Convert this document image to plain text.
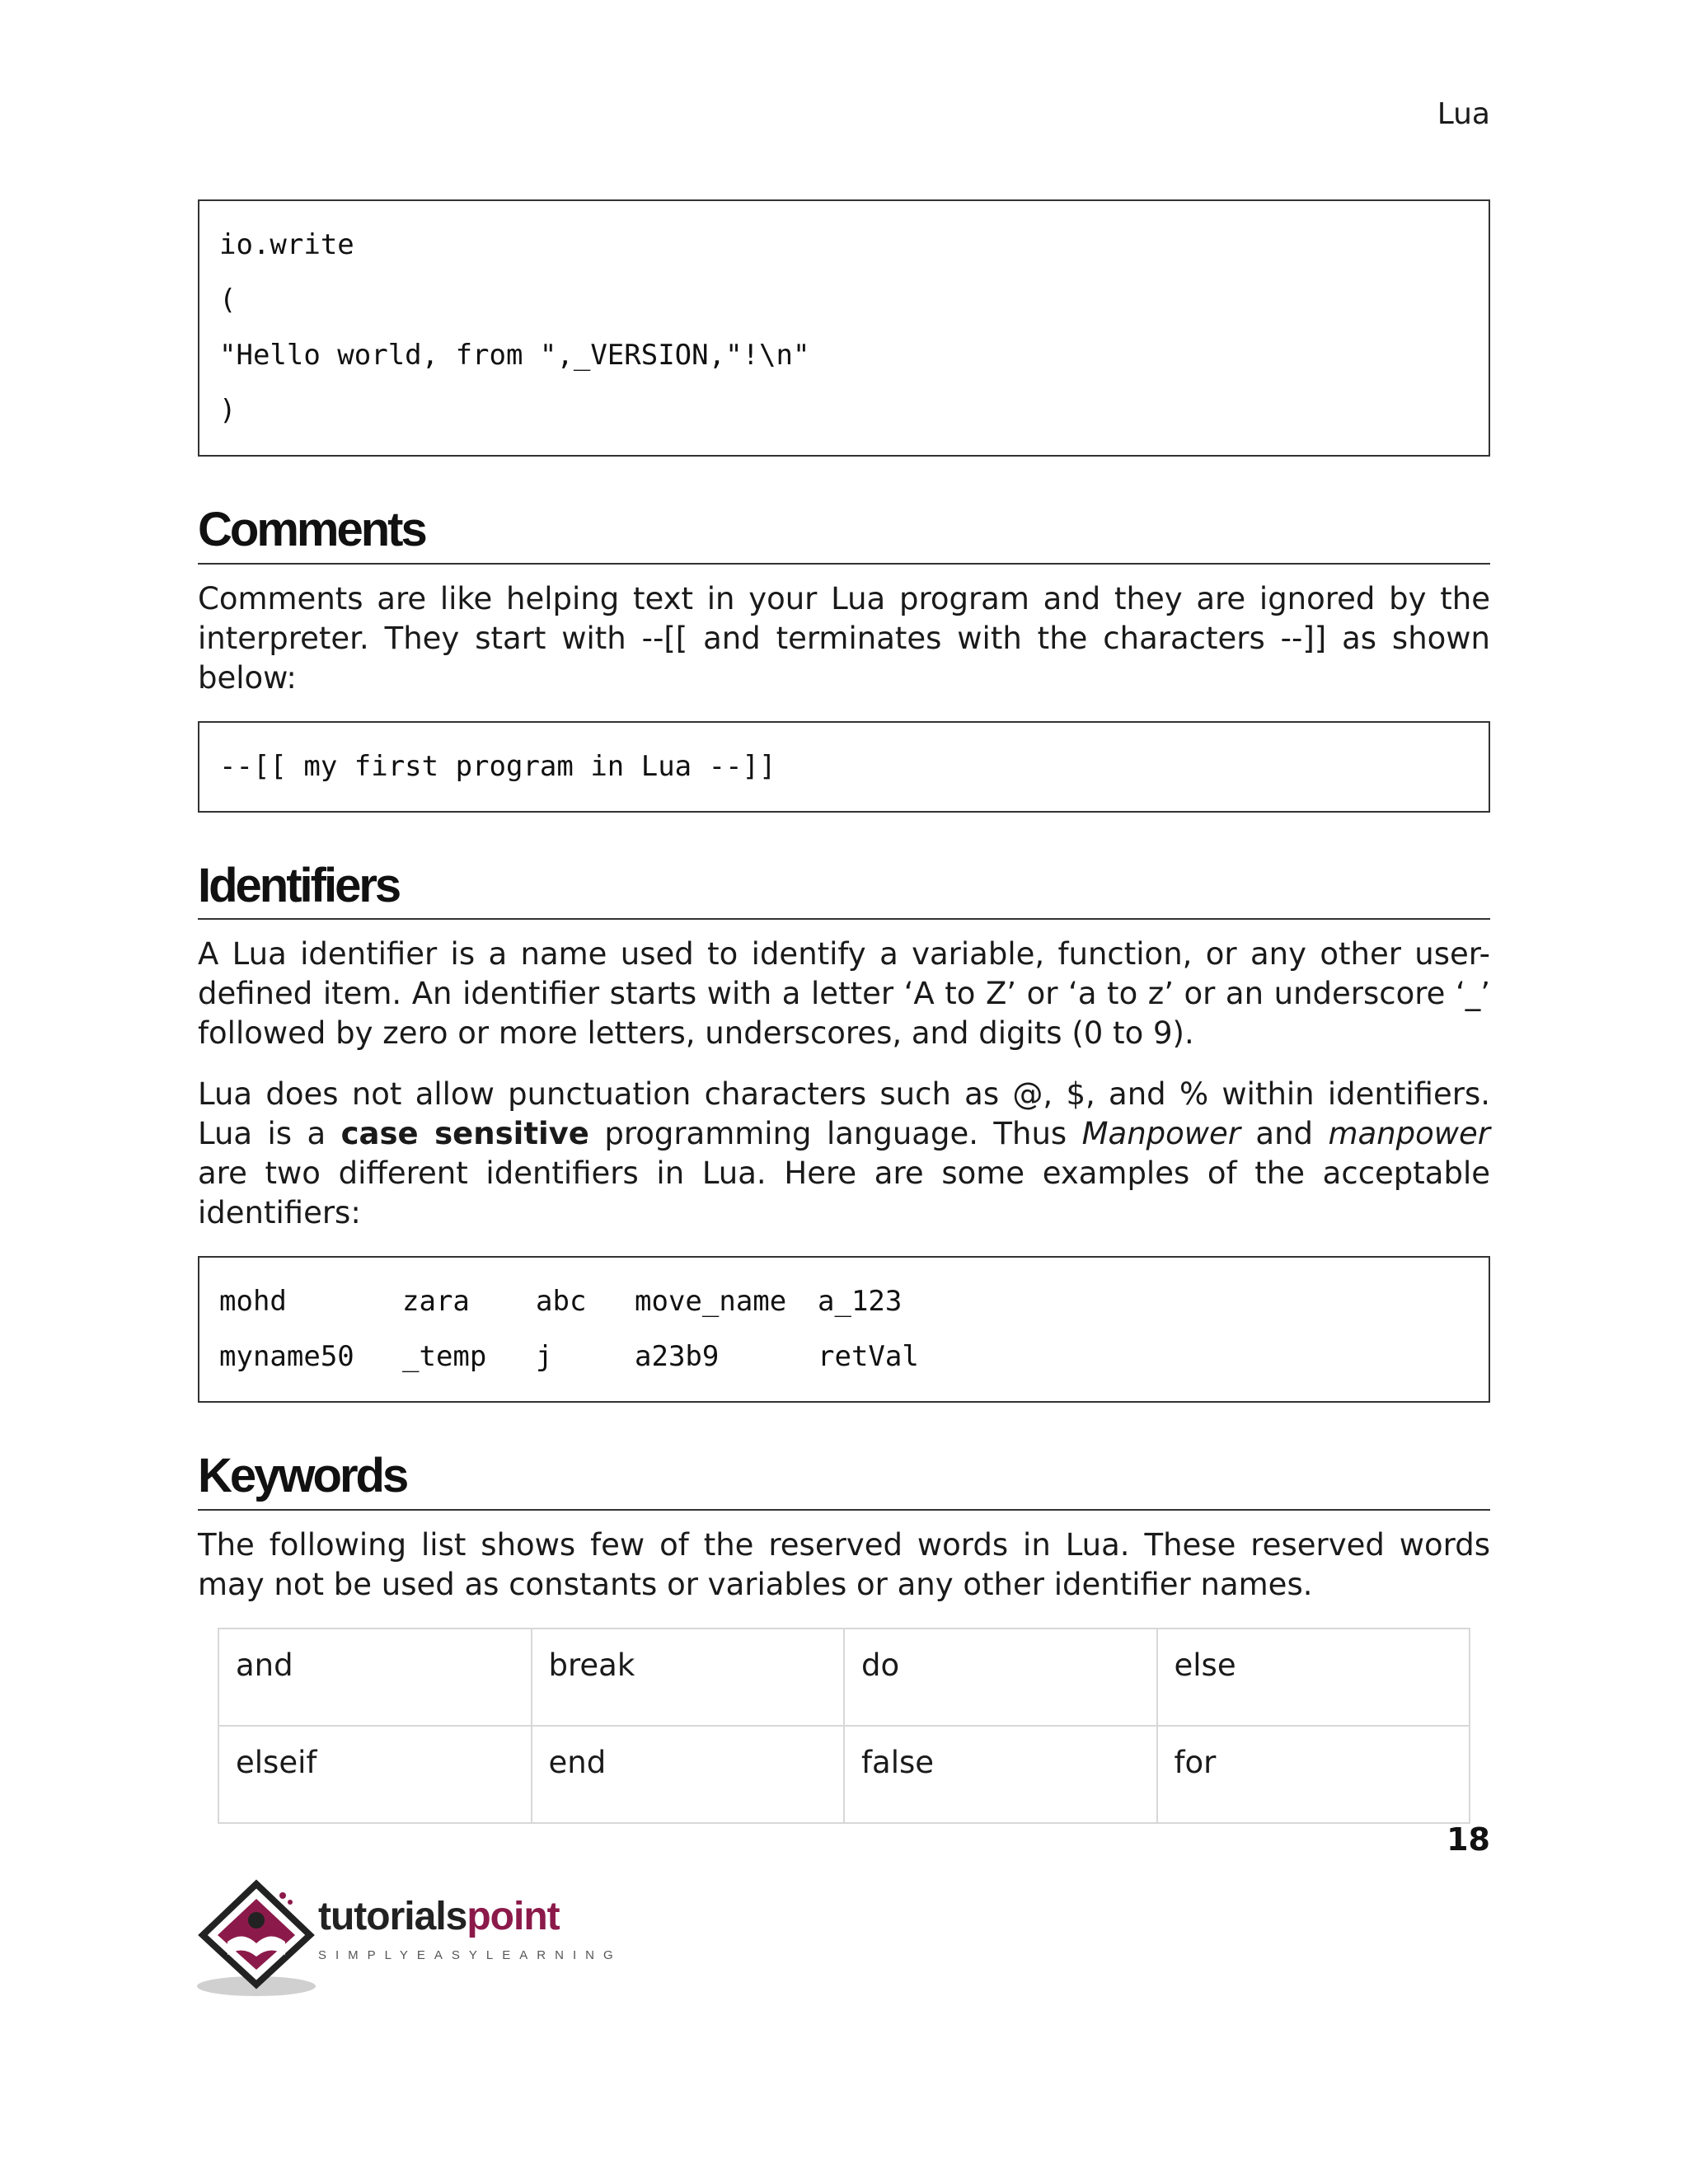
Lua
io.write
(
"Hello world, from ",_VERSION,"!\n"
)
Comments

Comments are like helping text in your Lua program and they are ignored by the interpreter. They start with --[[ and terminates with the characters --]] as shown below:

--[[ my first program in Lua --]]
Identifiers

A Lua identifier is a name used to identify a variable, function, or any other user-defined item. An identifier starts with a letter ‘A to Z’ or ‘a to z’ or an underscore ‘_’ followed by zero or more letters, underscores, and digits (0 to 9).

Lua does not allow punctuation characters such as @, $, and % within identifiers. Lua is a case sensitive programming language. Thus Manpower and manpower are two different identifiers in Lua. Here are some examples of the acceptable identifiers:

mohd	zara	abc	move_name	a_123
myname50	_temp	j	a23b9	retVal
Keywords

The following list shows few of the reserved words in Lua. These reserved words may not be used as constants or variables or any other identifier names.

and	break	do	else
elseif	end	false	for
18
tutorialspoint
SIMPLYEASYLEARNING
